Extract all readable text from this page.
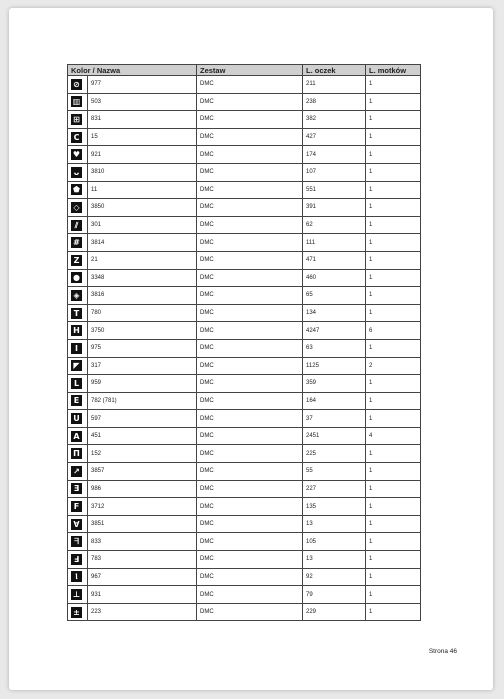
Kolor / Nazwa		Zestaw	L. oczek	L. motków
⊘	977	DMC	211	1
▥	503	DMC	238	1
⊞	831	DMC	382	1
C	15	DMC	427	1
♥	921	DMC	174	1
ᴗ	3810	DMC	107	1
⬟	11	DMC	551	1
◇	3850	DMC	391	1
⫽	301	DMC	62	1
#	3814	DMC	111	1
Z	21	DMC	471	1
●	3348	DMC	460	1
◈	3816	DMC	65	1
T	780	DMC	134	1
H	3750	DMC	4247	6
I	975	DMC	63	1
◤	317	DMC	1125	2
L	959	DMC	359	1
E	782 (781)	DMC	164	1
U	597	DMC	37	1
A	451	DMC	2451	4
Π	152	DMC	225	1
↗	3857	DMC	55	1
Ǝ	986	DMC	227	1
F	3712	DMC	135	1
Ɐ	3851	DMC	13	1
ᖷ	833	DMC	105	1
Ⅎ	783	DMC	13	1
Ⲓ	967	DMC	92	1
⊥	931	DMC	79	1
±	223	DMC	229	1
Strona 46
